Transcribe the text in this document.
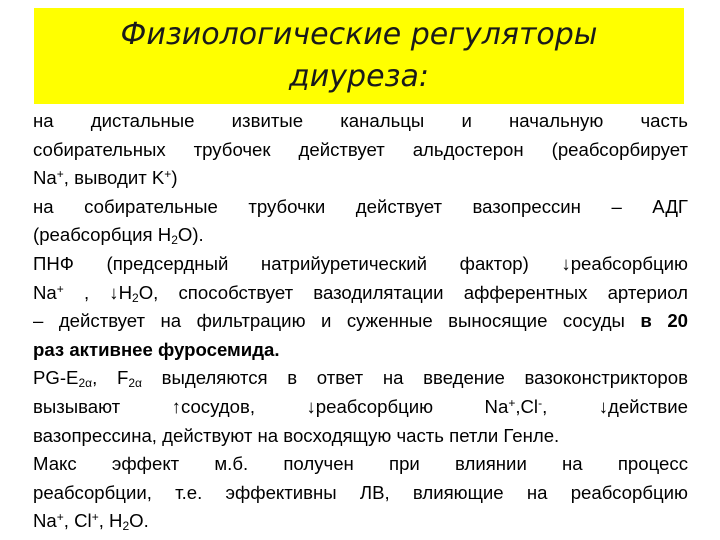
Физиологические регуляторы
диуреза:
на дистальные извитые канальцы и начальную часть
собирательных трубочек действует альдостерон (реабсорбирует
Na+, выводит K+)
на собирательные трубочки действует вазопрессин – АДГ
(реабсорбция $H_2O$).
ПНФ (предсердный натрийуретический фактор) ↓реабсорбцию
Na+ , $↓H_2O$, способствует вазодилятации афферентных артериол
– действует на фильтрацию и суженные выносящие сосуды в 20
раз активнее фуросемида.
$PG-E_{2\alpha}$, $F_{2\alpha}$ выделяются в ответ на введение вазоконстрикторов
вызывают ↑сосудов, ↓реабсорбцию Na+,Cl-, ↓действие
вазопрессина, действуют на восходящую часть петли Генле.
Макс эффект м.б. получен при влиянии на процесс
реабсорбции, т.е. эффективны ЛВ, влияющие на реабсорбцию
Na+, Cl+, $H_2O$.
